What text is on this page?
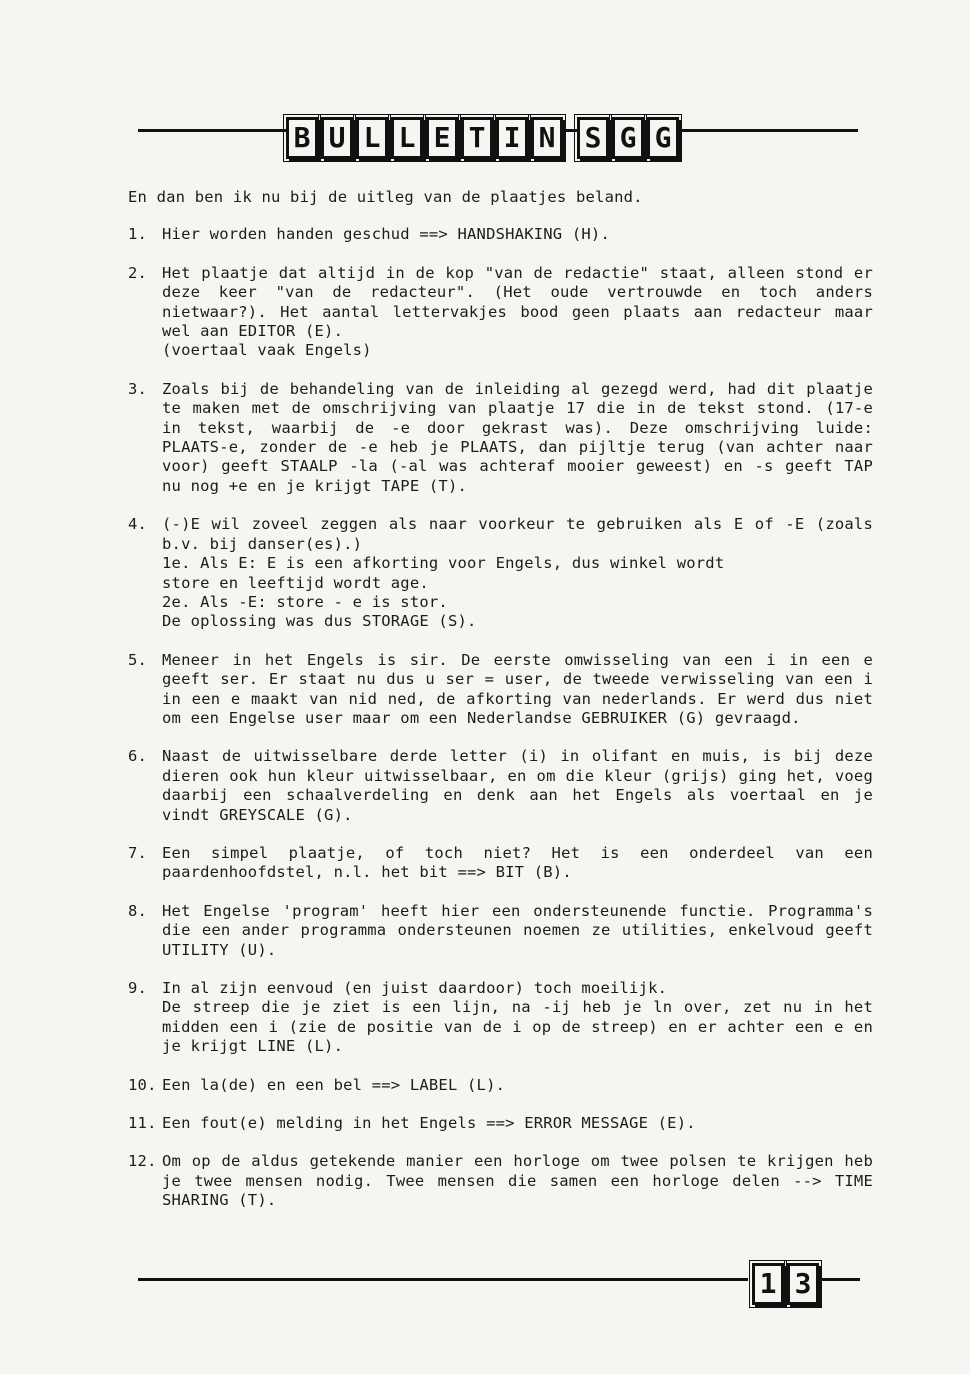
B U L L E T I N S G G

En dan ben ik nu bij de uitleg van de plaatjes beland.

1. Hier worden handen geschud ==> HANDSHAKING (H).
2. Het plaatje dat altijd in de kop "van de redactie" staat, alleen stond er deze keer "van de redacteur". (Het oude vertrouwde en toch anders nietwaar?). Het aantal lettervakjes bood geen plaats aan redacteur maar wel aan EDITOR (E).
(voertaal vaak Engels)
3. Zoals bij de behandeling van de inleiding al gezegd werd, had dit plaatje te maken met de omschrijving van plaatje 17 die in de tekst stond. (17-e in tekst, waarbij de -e door gekrast was). Deze omschrijving luide: PLAATS-e, zonder de -e heb je PLAATS, dan pijltje terug (van achter naar voor) geeft STAALP -la (-al was achteraf mooier geweest) en -s geeft TAP nu nog +e en je krijgt TAPE (T).
4. (-)E wil zoveel zeggen als naar voorkeur te gebruiken als E of -E (zoals b.v. bij danser(es).)
1e. Als E: E is een afkorting voor Engels, dus winkel wordt
store en leeftijd wordt age.
2e. Als -E: store - e is stor.
De oplossing was dus STORAGE (S).
5. Meneer in het Engels is sir. De eerste omwisseling van een i in een e geeft ser. Er staat nu dus u ser = user, de tweede verwisseling van een i in een e maakt van nid ned, de afkorting van nederlands. Er werd dus niet om een Engelse user maar om een Nederlandse GEBRUIKER (G) gevraagd.
6. Naast de uitwisselbare derde letter (i) in olifant en muis, is bij deze dieren ook hun kleur uitwisselbaar, en om die kleur (grijs) ging het, voeg daarbij een schaalverdeling en denk aan het Engels als voertaal en je vindt GREYSCALE (G).
7. Een simpel plaatje, of toch niet? Het is een onderdeel van een paardenhoofdstel, n.l. het bit ==> BIT (B).
8. Het Engelse 'program' heeft hier een ondersteunende functie. Programma's die een ander programma ondersteunen noemen ze utilities, enkelvoud geeft UTILITY (U).
9. In al zijn eenvoud (en juist daardoor) toch moeilijk.
De streep die je ziet is een lijn, na -ij heb je ln over, zet nu in het midden een i (zie de positie van de i op de streep) en er achter een e en je krijgt LINE (L).
10. Een la(de) en een bel ==> LABEL (L).
11. Een fout(e) melding in het Engels ==> ERROR MESSAGE (E).
12. Om op de aldus getekende manier een horloge om twee polsen te krijgen heb je twee mensen nodig. Twee mensen die samen een horloge delen --> TIME SHARING (T).
1 3
